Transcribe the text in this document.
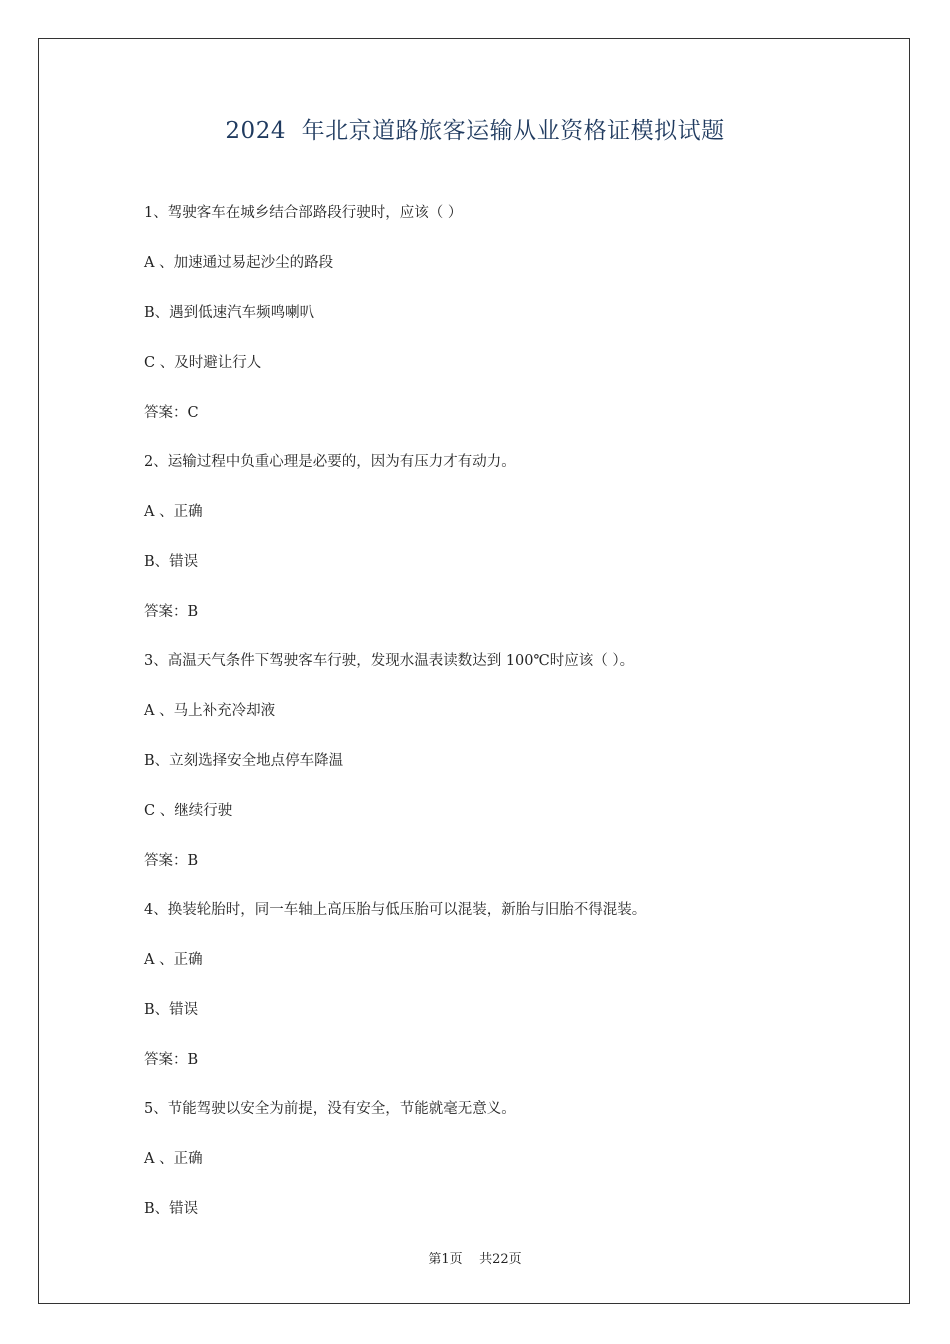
2024  年北京道路旅客运输从业资格证模拟试题
1、驾驶客车在城乡结合部路段行驶时，应该（ ）
A 、加速通过易起沙尘的路段
B、遇到低速汽车频鸣喇叭
C 、及时避让行人
答案：C
2、运输过程中负重心理是必要的，因为有压力才有动力。
A 、正确
B、错误
答案：B
3、高温天气条件下驾驶客车行驶，发现水温表读数达到 100℃时应该（ ）。
A 、马上补充冷却液
B、立刻选择安全地点停车降温
C 、继续行驶
答案：B
4、换装轮胎时，同一车轴上高压胎与低压胎可以混装，新胎与旧胎不得混装。
A 、正确
B、错误
答案：B
5、节能驾驶以安全为前提，没有安全，节能就毫无意义。
A 、正确
B、错误
第1页    共22页
